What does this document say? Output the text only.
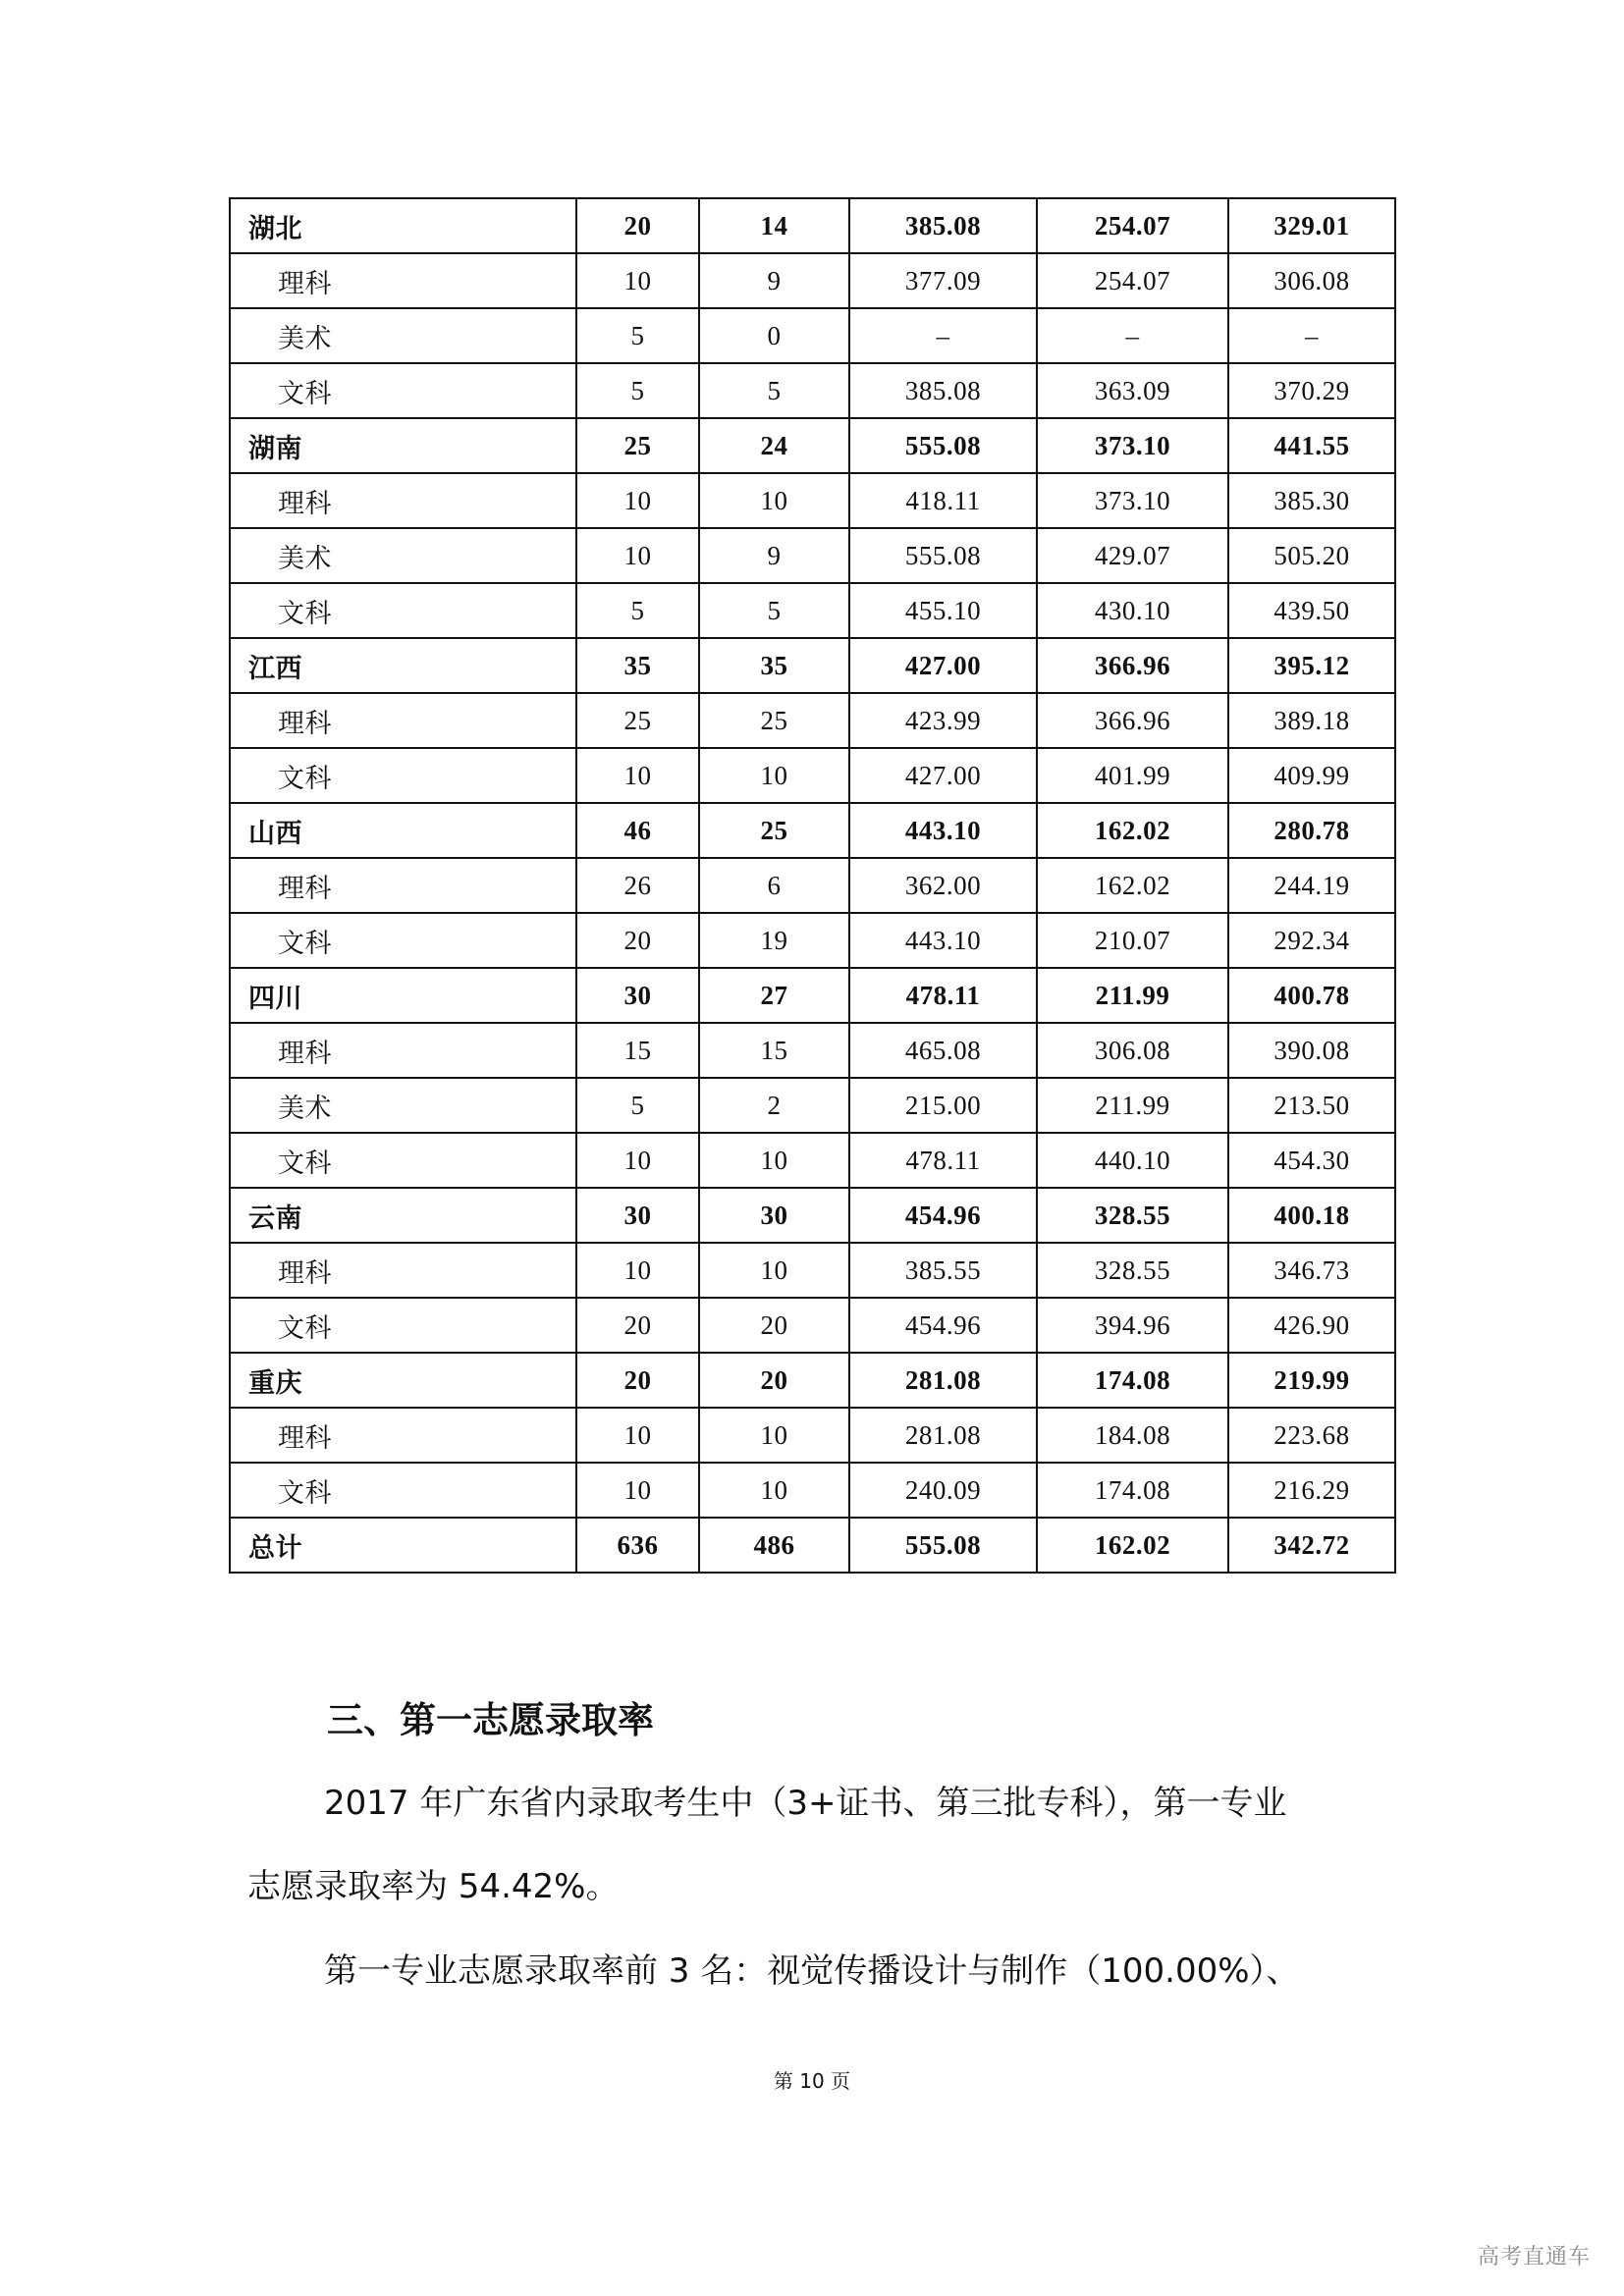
湖北	20	14	385.08	254.07	329.01
理科	10	9	377.09	254.07	306.08
美术	5	0	–	–	–
文科	5	5	385.08	363.09	370.29
湖南	25	24	555.08	373.10	441.55
理科	10	10	418.11	373.10	385.30
美术	10	9	555.08	429.07	505.20
文科	5	5	455.10	430.10	439.50
江西	35	35	427.00	366.96	395.12
理科	25	25	423.99	366.96	389.18
文科	10	10	427.00	401.99	409.99
山西	46	25	443.10	162.02	280.78
理科	26	6	362.00	162.02	244.19
文科	20	19	443.10	210.07	292.34
四川	30	27	478.11	211.99	400.78
理科	15	15	465.08	306.08	390.08
美术	5	2	215.00	211.99	213.50
文科	10	10	478.11	440.10	454.30
云南	30	30	454.96	328.55	400.18
理科	10	10	385.55	328.55	346.73
文科	20	20	454.96	394.96	426.90
重庆	20	20	281.08	174.08	219.99
理科	10	10	281.08	184.08	223.68
文科	10	10	240.09	174.08	216.29
总计	636	486	555.08	162.02	342.72
三、第一志愿录取率

2017 年广东省内录取考生中（3+证书、第三批专科），第一专业

志愿录取率为 54.42%。

第一专业志愿录取率前 3 名：视觉传播设计与制作（100.00%）、

第 10 页
高考直通车
